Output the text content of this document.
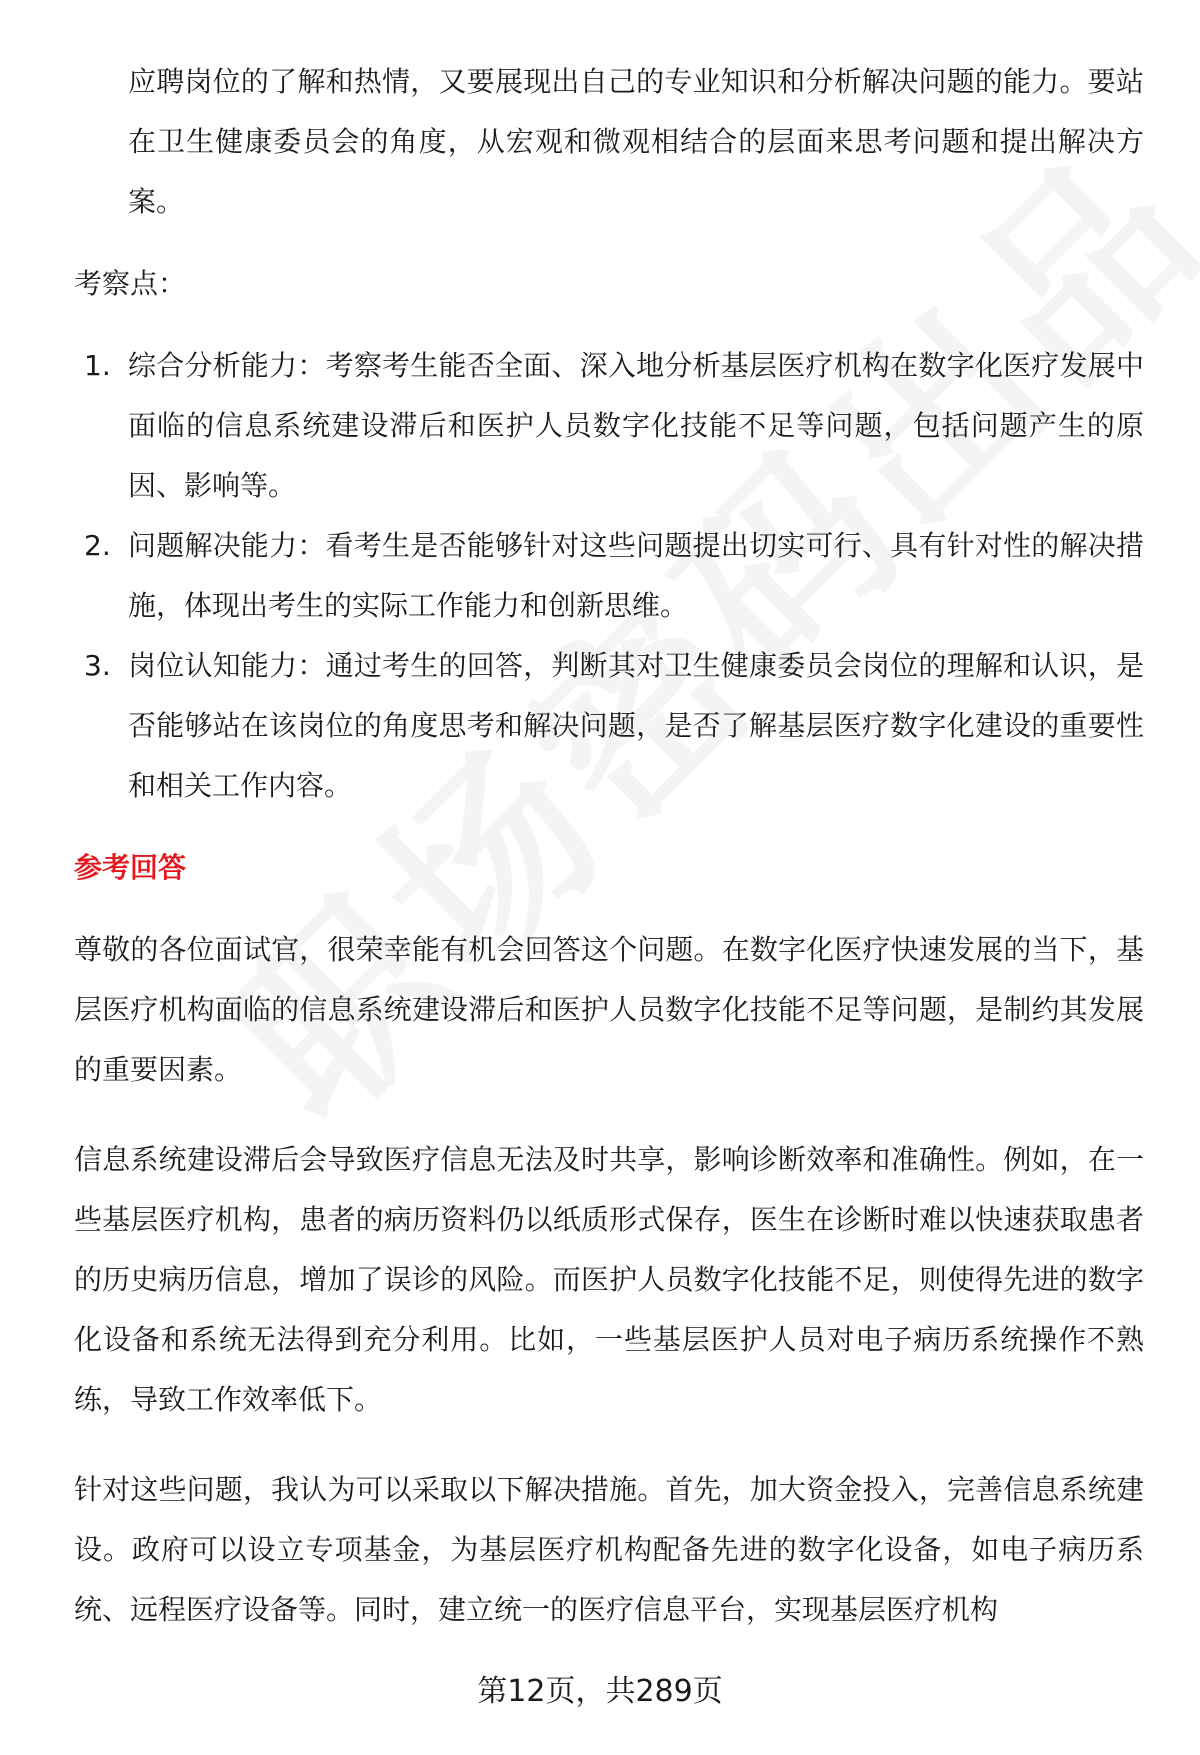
应聘岗位的了解和热情，又要展现出自己的专业知识和分析解决问题的能力。要站在卫生健康委员会的角度，从宏观和微观相结合的层面来思考问题和提出解决方案。

考察点：

1. 综合分析能力：考察考生能否全面、深入地分析基层医疗机构在数字化医疗发展中面临的信息系统建设滞后和医护人员数字化技能不足等问题，包括问题产生的原因、影响等。
2. 问题解决能力：看考生是否能够针对这些问题提出切实可行、具有针对性的解决措施，体现出考生的实际工作能力和创新思维。
3. 岗位认知能力：通过考生的回答，判断其对卫生健康委员会岗位的理解和认识，是否能够站在该岗位的角度思考和解决问题，是否了解基层医疗数字化建设的重要性和相关工作内容。

参考回答

尊敬的各位面试官，很荣幸能有机会回答这个问题。在数字化医疗快速发展的当下，基层医疗机构面临的信息系统建设滞后和医护人员数字化技能不足等问题，是制约其发展的重要因素。

信息系统建设滞后会导致医疗信息无法及时共享，影响诊断效率和准确性。例如，在一些基层医疗机构，患者的病历资料仍以纸质形式保存，医生在诊断时难以快速获取患者的历史病历信息，增加了误诊的风险。而医护人员数字化技能不足，则使得先进的数字化设备和系统无法得到充分利用。比如，一些基层医护人员对电子病历系统操作不熟练，导致工作效率低下。

针对这些问题，我认为可以采取以下解决措施。首先，加大资金投入，完善信息系统建设。政府可以设立专项基金，为基层医疗机构配备先进的数字化设备，如电子病历系统、远程医疗设备等。同时，建立统一的医疗信息平台，实现基层医疗机构

第12页，共289页
